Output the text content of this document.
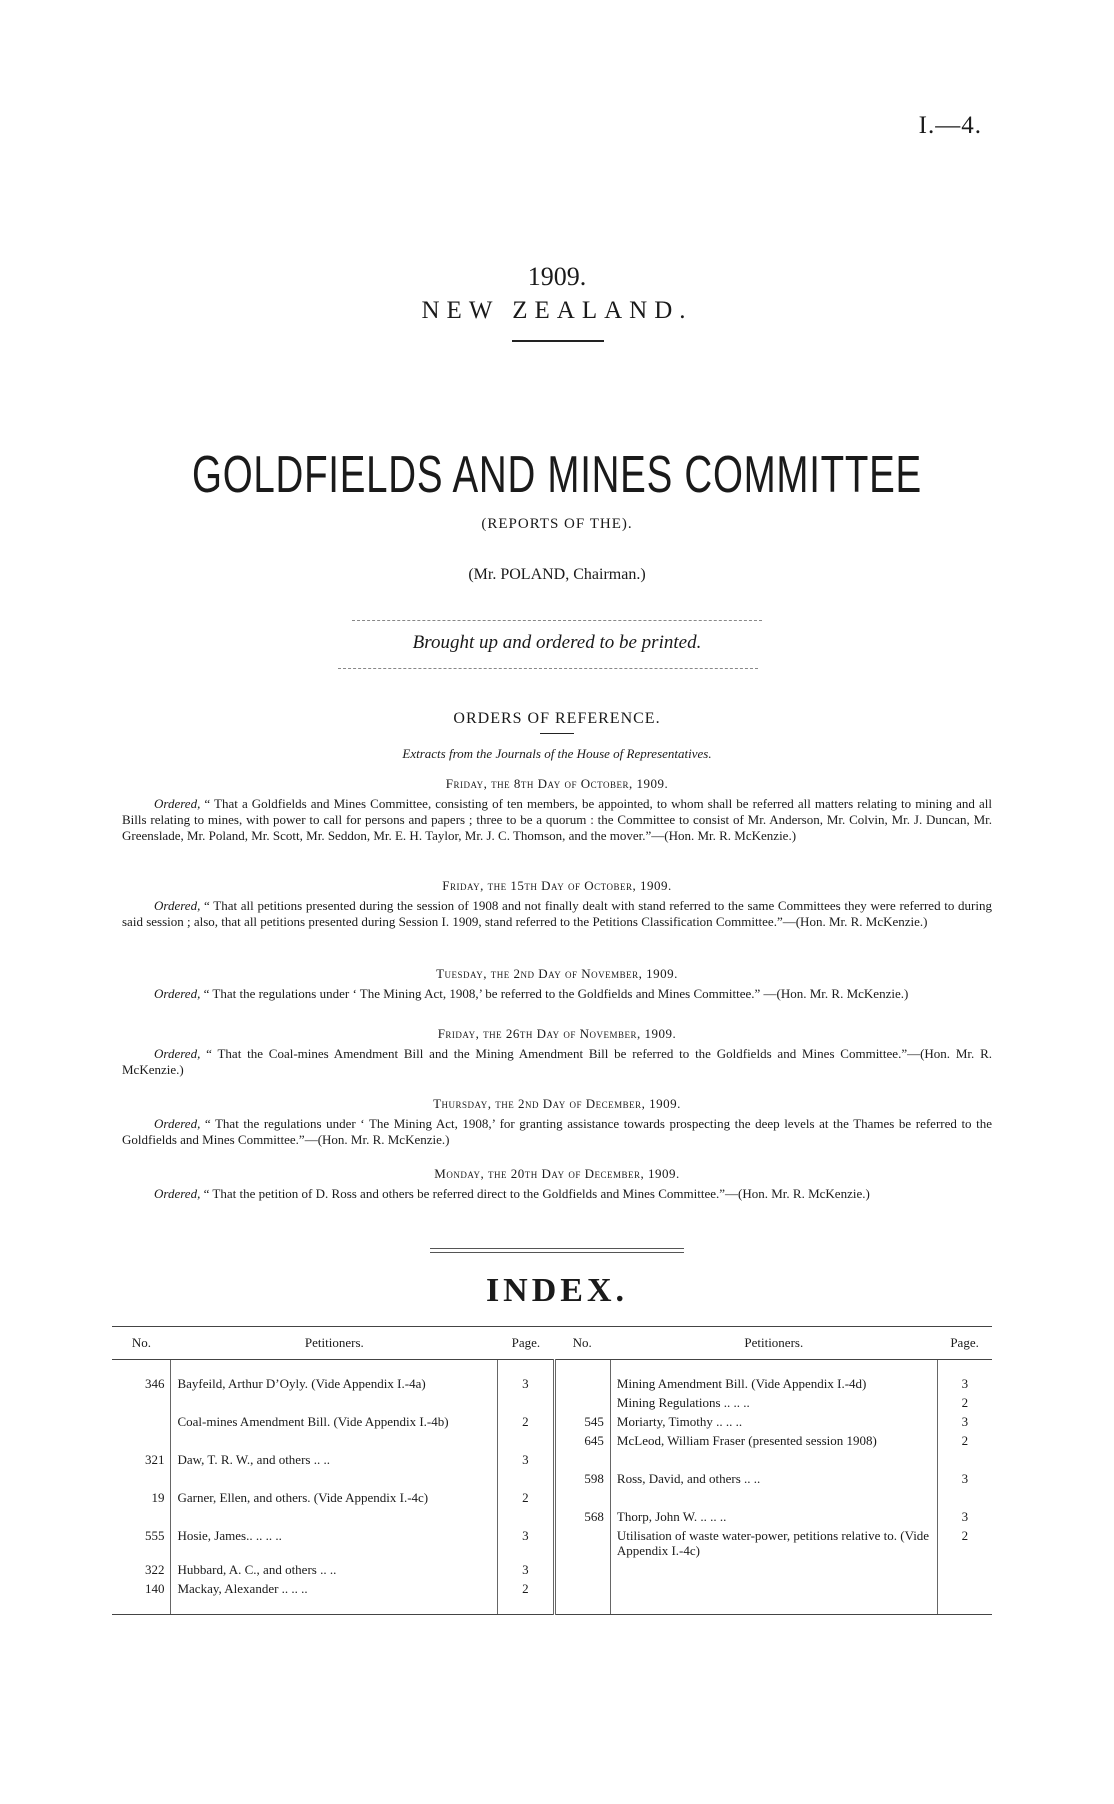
I.—4.
1909.
NEW ZEALAND.
GOLDFIELDS AND MINES COMMITTEE
(REPORTS OF THE).
(Mr. POLAND, Chairman.)
Brought up and ordered to be printed.
ORDERS OF REFERENCE.
Extracts from the Journals of the House of Representatives.
Friday, the 8th Day of October, 1909.
Ordered, “ That a Goldfields and Mines Committee, consisting of ten members, be appointed, to whom shall be referred all matters relating to mining and all Bills relating to mines, with power to call for persons and papers ; three to be a quorum : the Committee to consist of Mr. Anderson, Mr. Colvin, Mr. J. Duncan, Mr. Greenslade, Mr. Poland, Mr. Scott, Mr. Seddon, Mr. E. H. Taylor, Mr. J. C. Thomson, and the mover.”—(Hon. Mr. R. McKenzie.)
Friday, the 15th Day of October, 1909.
Ordered, “ That all petitions presented during the session of 1908 and not finally dealt with stand referred to the same Committees they were referred to during said session ; also, that all petitions presented during Session I. 1909, stand referred to the Petitions Classification Committee.”—(Hon. Mr. R. McKenzie.)
Tuesday, the 2nd Day of November, 1909.
Ordered, “ That the regulations under ‘ The Mining Act, 1908,’ be referred to the Goldfields and Mines Committee.” —(Hon. Mr. R. McKenzie.)
Friday, the 26th Day of November, 1909.
Ordered, “ That the Coal-mines Amendment Bill and the Mining Amendment Bill be referred to the Goldfields and Mines Committee.”—(Hon. Mr. R. McKenzie.)
Thursday, the 2nd Day of December, 1909.
Ordered, “ That the regulations under ‘ The Mining Act, 1908,’ for granting assistance towards prospecting the deep levels at the Thames be referred to the Goldfields and Mines Committee.”—(Hon. Mr. R. McKenzie.)
Monday, the 20th Day of December, 1909.
Ordered, “ That the petition of D. Ross and others be referred direct to the Goldfields and Mines Committee.”—(Hon. Mr. R. McKenzie.)
INDEX.
No.	Petitioners.	Page.	No.	Petitioners.	Page.

346	Bayfeild, Arthur D’Oyly. (Vide Appendix I.-4a)	3		Mining Amendment Bill. (Vide Appendix I.-4d)	3
				Mining Regulations .. .. ..	2
	Coal-mines Amendment Bill. (Vide Appendix I.-4b)	2	545	Moriarty, Timothy .. .. ..	3
			645	McLeod, William Fraser (presented session 1908)	2
321	Daw, T. R. W., and others .. ..	3			
			598	Ross, David, and others .. ..	3
19	Garner, Ellen, and others. (Vide Appendix I.-4c)	2			
			568	Thorp, John W. .. .. ..	3
555	Hosie, James.. .. .. ..	3		Utilisation of waste water-power, petitions relative to. (Vide Appendix I.-4c)	2
322	Hubbard, A. C., and others .. ..	3			
140	Mackay, Alexander .. .. ..	2			
